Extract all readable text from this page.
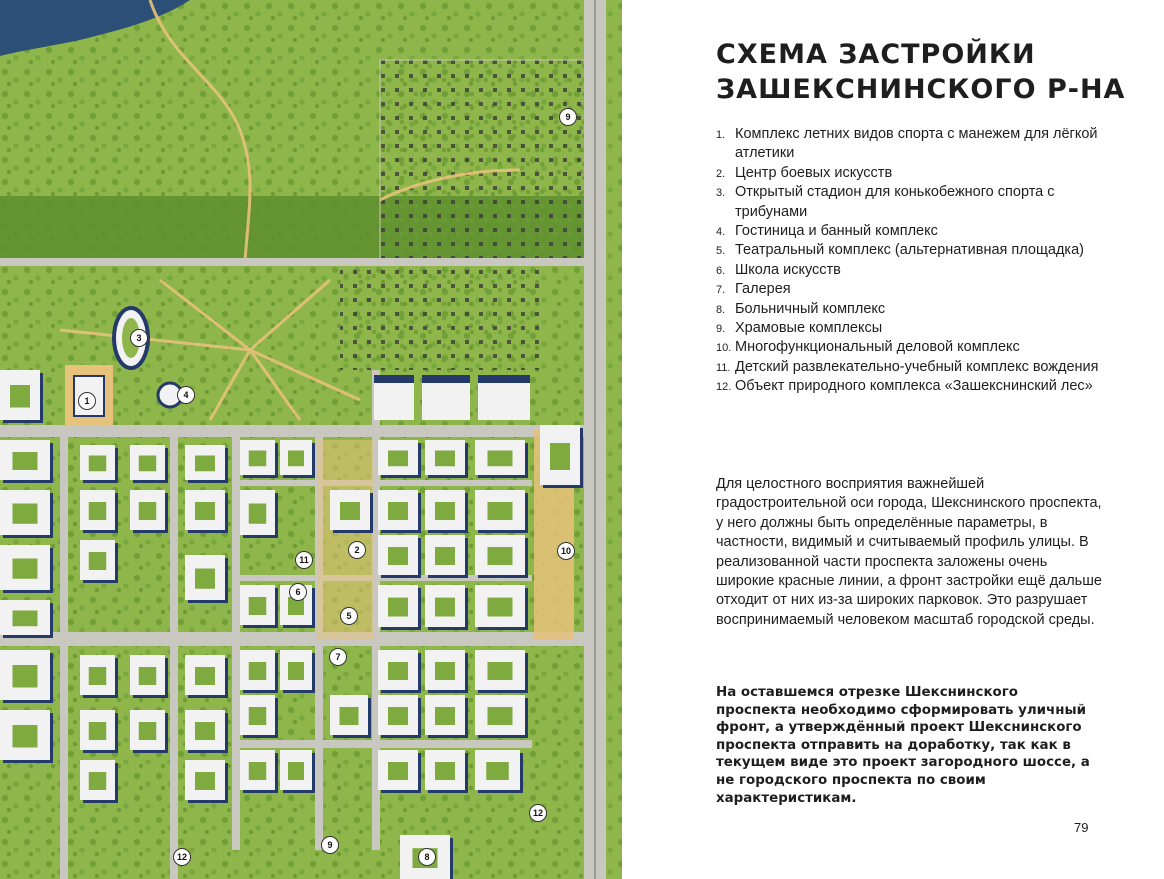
1
2
3
4
5
6
7
8
9
9
10
11
12
12
СХЕМА ЗАСТРОЙКИ
ЗАШЕКСНИНСКОГО Р-НА
1. Комплекс летних видов спорта с манежем для лёгкой атлетики
2. Центр боевых искусств
3. Открытый стадион для конькобежного спорта с трибунами
4. Гостиница и банный комплекс
5. Театральный комплекс (альтернативная площадка)
6. Школа искусств
7. Галерея
8. Больничный комплекс
9. Храмовые комплексы
10. Многофункциональный деловой комплекс
11. Детский развлекательно-учебный комплекс вождения
12. Объект природного комплекса «Зашекснинский лес»

Для целостного восприятия важнейшей градостроительной оси города, Шекснинского проспекта, у него должны быть определённые параметры, в частности, видимый и считываемый профиль улицы. В реализованной части проспекта заложены очень широкие красные линии, а фронт застройки ещё дальше отходит от них из-за широких парковок. Это разрушает воспринимаемый человеком масштаб городской среды.

На оставшемся отрезке Шекснинского проспекта необходимо сформировать уличный фронт, а утверждённый проект Шекснинского проспекта отправить на доработку, так как в текущем виде это проект загородного шоссе, а не городского проспекта по своим характеристикам.

79
